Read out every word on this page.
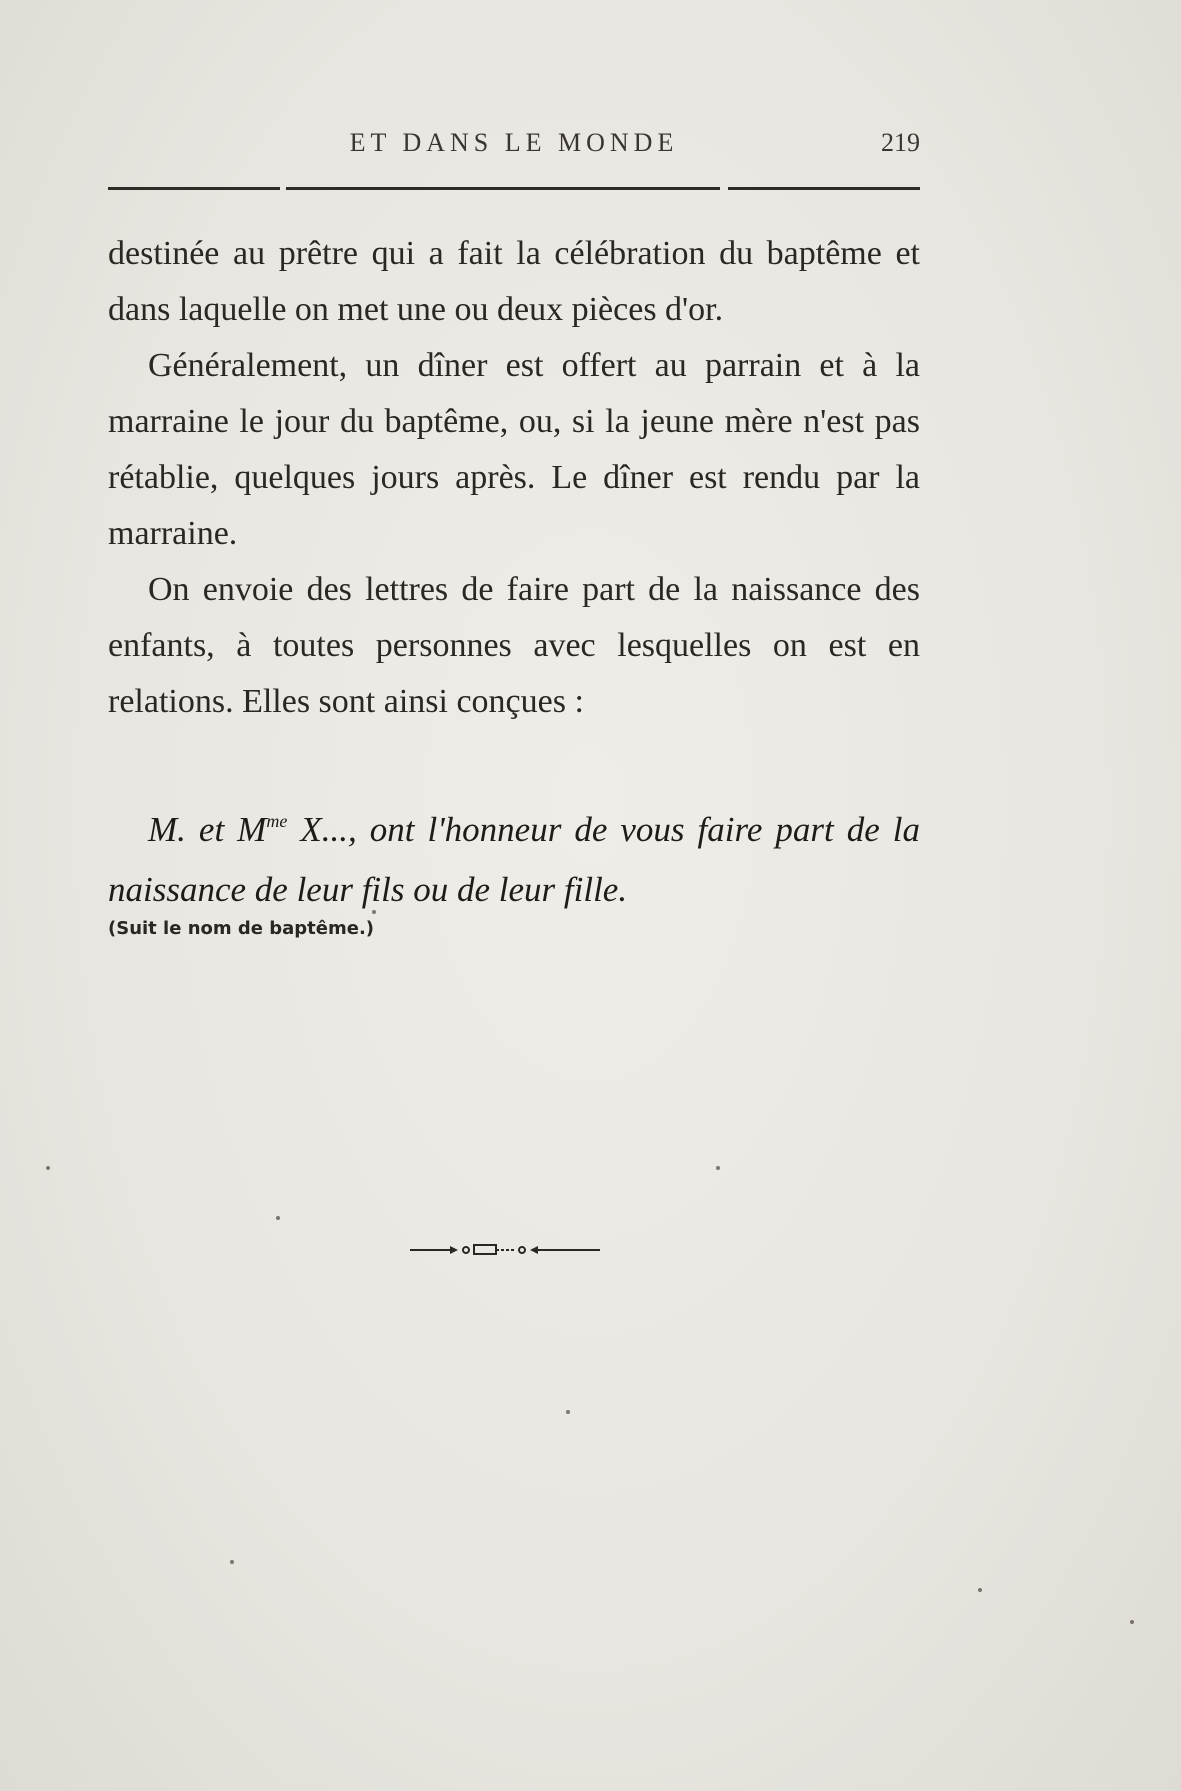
ET DANS LE MONDE	219

destinée au prêtre qui a fait la célébration du baptême et dans laquelle on met une ou deux pièces d'or.

Généralement, un dîner est offert au parrain et à la marraine le jour du baptême, ou, si la jeune mère n'est pas rétablie, quelques jours après. Le dîner est rendu par la marraine.

On envoie des lettres de faire part de la naissance des enfants, à toutes personnes avec lesquelles on est en relations. Elles sont ainsi conçues :

M. et $M^{me}$ X..., ont l'honneur de vous faire part de la naissance de leur fils ou de leur fille.

(Suit le nom de baptême.)
